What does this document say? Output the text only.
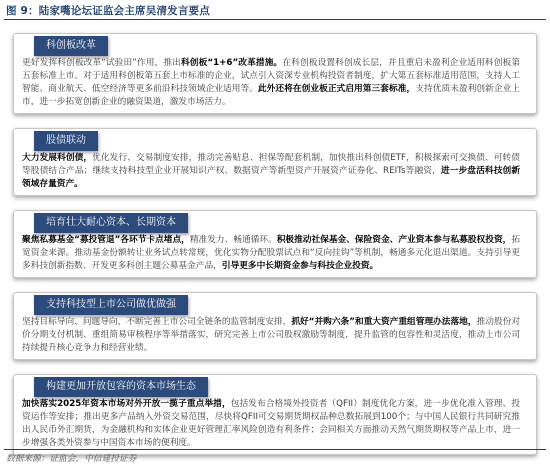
图 9：陆家嘴论坛证监会主席吴清发言要点
科创板改革
更好发挥科创板改革“试验田”作用，推出科创板“1+6”改革措施。在科创板设置科创成长层，并且重启未盈利企业适用科创板第五套标准上市。对于适用科创板第五套上市标准的企业，试点引入资深专业机构投资者制度，扩大第五套标准适用范围，支持人工智能、商业航天、低空经济等更多前沿科技领域企业适用等。此外还将在创业板正式启用第三套标准，支持优质未盈利创新企业上市，进一步拓宽创新企业的融资渠道，激发市场活力。
股债联动
大力发展科创债，优化发行、交易制度安排，推动完善贴息、担保等配套机制，加快推出科创债ETF，积极探索可交换债、可转债等股债结合产品；继续支持科技型企业开展知识产权、数据资产等新型资产开展资产证券化、REITs等融资，进一步盘活科技创新领域存量资产。
培育壮大耐心资本、长期资本
聚焦私募基金“募投管退”各环节卡点堵点，精准发力、畅通循环。积极推动社保基金、保险资金、产业资本参与私募股权投资，拓宽资金来源。推动基金份额转让业务试点转常规，优化实物分配股票试点和“反向挂钩”等机制，畅通多元化退出渠道。支持引导更多科技创新指数、开发更多科创主题公募基金产品，引导更多中长期资金参与科技企业投资。
支持科技型上市公司做优做强
坚持目标导向、问题导向，不断完善上市公司全链条的监管制度安排，抓好“并购六条”和重大资产重组管理办法落地，推动股份对价分期支付机制、重组简易审核程序等举措落实，研究完善上市公司股权激励等制度，提升监管的包容性和灵活度，推动上市公司持续提升核心竞争力和经营业绩。
构建更加开放包容的资本市场生态
加快落实2025年资本市场对外开放一揽子重点举措，包括发布合格境外投资者（QFII）制度优化方案，进一步优化准入管理、投资运作等安排；推出更多产品纳入外资交易范围，尽快将QFII可交易期货期权品种总数拓展到100个；与中国人民银行共同研究推出人民币外汇期货，为金融机构和实体企业更好管理汇率风险创造有利条件；会同相关方面推动天然气期货期权等产品上市，进一步增强各类外资参与中国资本市场的便利度。
数据来源：证监会，中信建投证券
